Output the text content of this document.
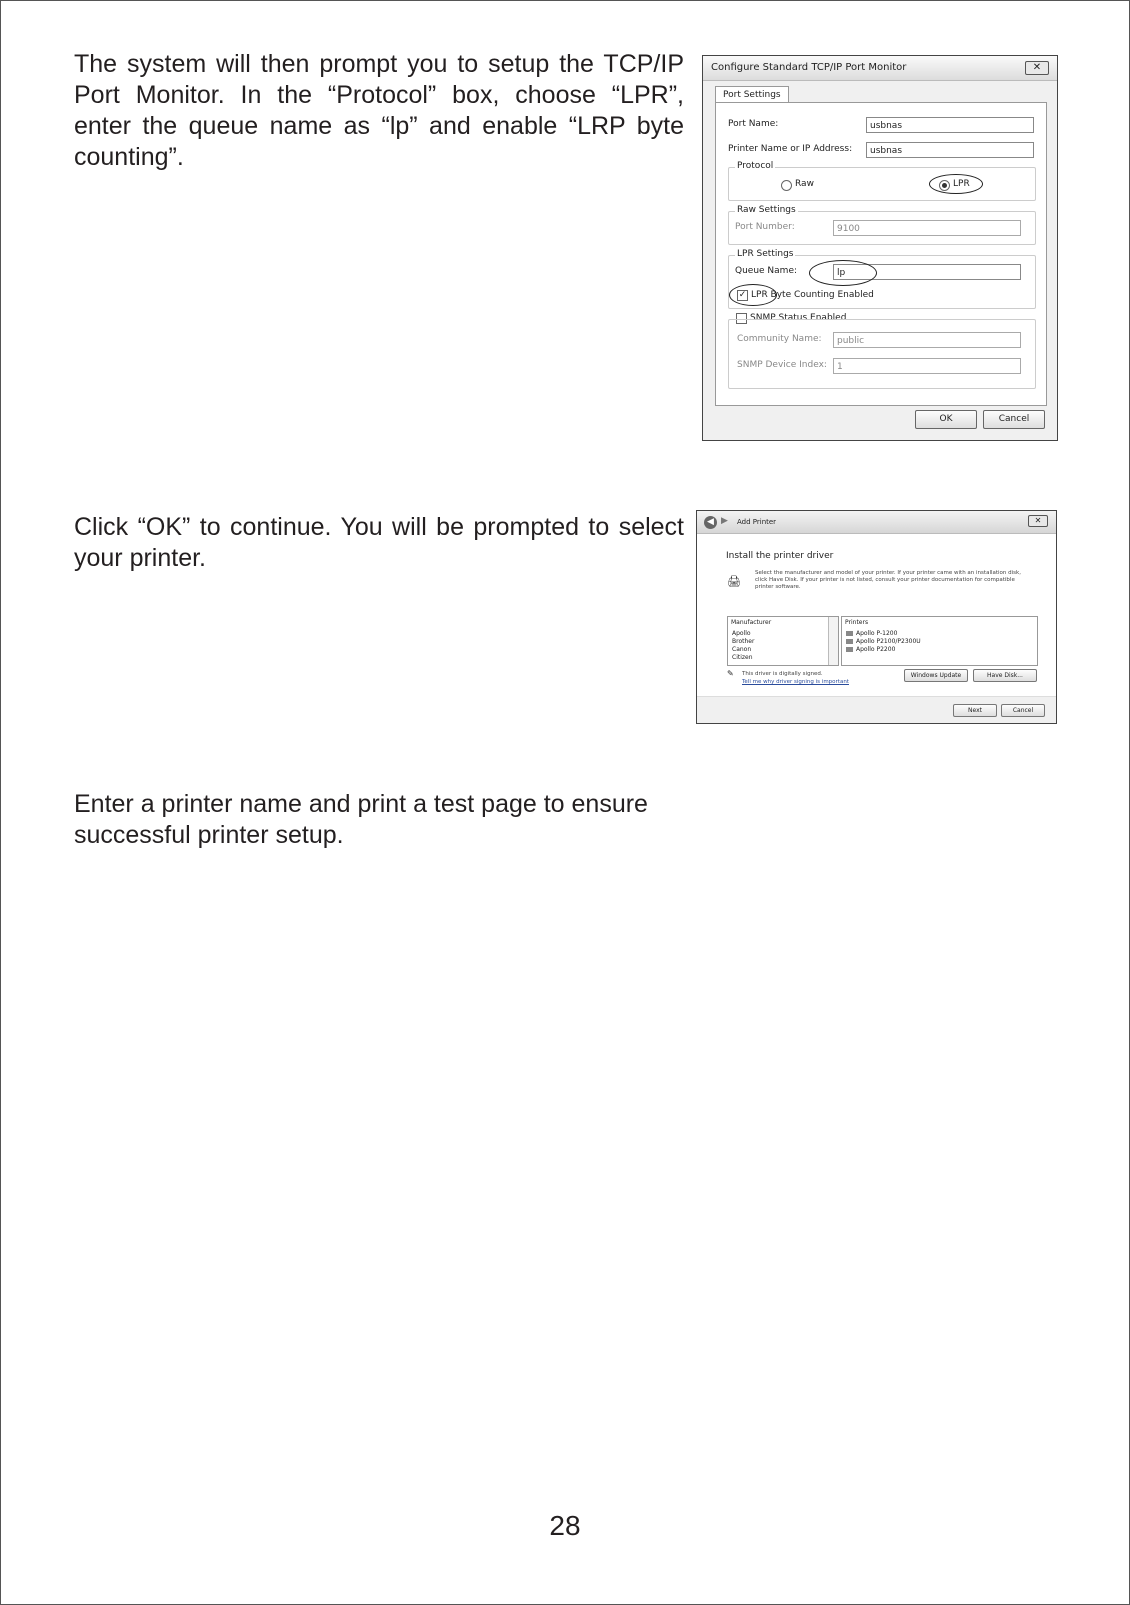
The system will then prompt you to setup the TCP/IP Port Monitor. In the “Protocol” box, choose “LPR”, enter the queue name as “lp” and enable “LRP byte counting”.

Click “OK” to continue. You will be prompted to select your printer.

Enter a printer name and print a test page to ensure successful printer setup.

Configure Standard TCP/IP Port Monitor	✕
Port Settings
Port Name:	usbnas
Printer Name or IP Address:	usbnas
Protocol
Raw	LPR
Raw Settings
Port Number:	9100
LPR Settings
Queue Name:	lp
✓ LPR Byte Counting Enabled
SNMP Status Enabled
Community Name:	public
SNMP Device Index:	1
OK	Cancel
◀ ▶ Add Printer	✕
Install the printer driver
🖨
Select the manufacturer and model of your printer. If your printer came with an installation disk, click Have Disk. If your printer is not listed, consult your printer documentation for compatible printer software.
Manufacturer
Apollo
Brother
Canon
Citizen
Printers
Apollo P-1200
Apollo P2100/P2300U
Apollo P2200
✎ This driver is digitally signed.
Tell me why driver signing is important
Windows Update	Have Disk...
Next	Cancel
28
